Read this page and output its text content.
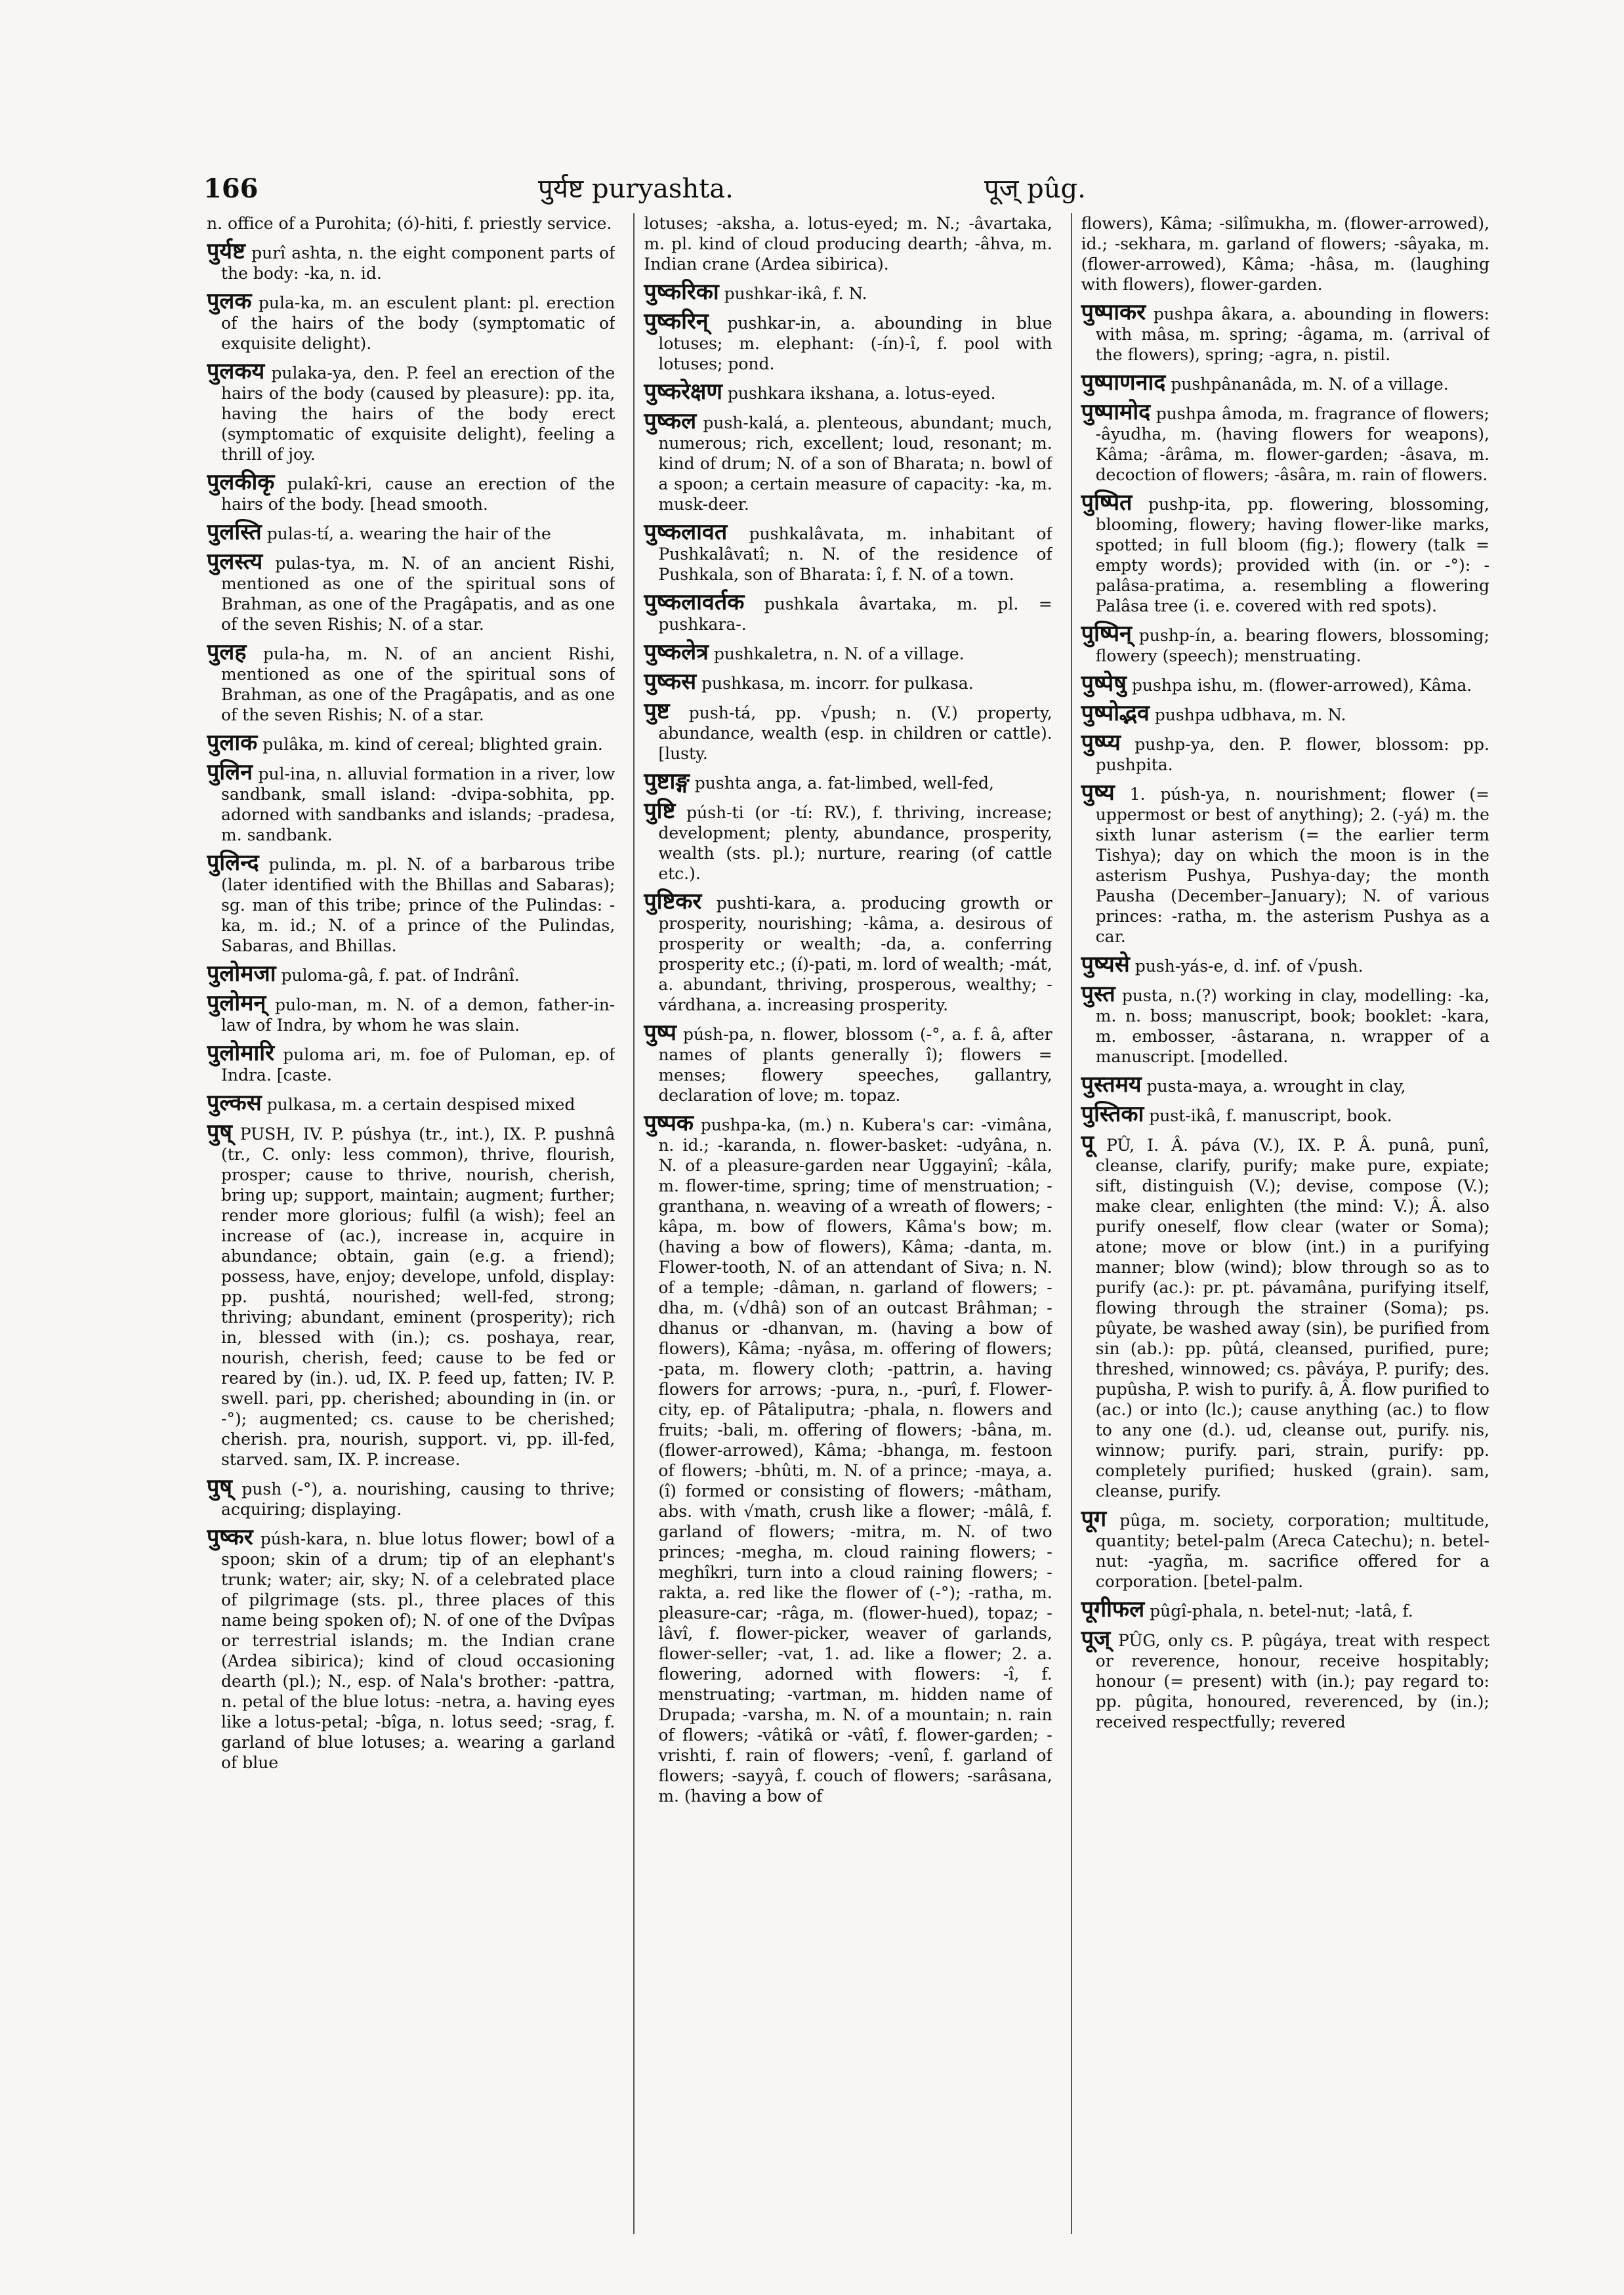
166	पुर्यष्ट puryashta.	पूज् pûg.
n. office of a Purohita; (ó)-hiti, f. priestly service.
पुर्यष्ट purî ashta, n. the eight component parts of the body: -ka, n. id.
पुलक pula-ka, m. an esculent plant: pl. erection of the hairs of the body (symptomatic of exquisite delight).
पुलकय pulaka-ya, den. P. feel an erection of the hairs of the body (caused by pleasure): pp. ita, having the hairs of the body erect (symptomatic of exquisite delight), feeling a thrill of joy.
पुलकीकृ pulakî-kri, cause an erection of the hairs of the body. [head smooth.
पुलस्ति pulas-tí, a. wearing the hair of the
पुलस्त्य pulas-tya, m. N. of an ancient Rishi, mentioned as one of the spiritual sons of Brahman, as one of the Pragâpatis, and as one of the seven Rishis; N. of a star.
पुलह pula-ha, m. N. of an ancient Rishi, mentioned as one of the spiritual sons of Brahman, as one of the Pragâpatis, and as one of the seven Rishis; N. of a star.
पुलाक pulâka, m. kind of cereal; blighted grain.
पुलिन pul-ina, n. alluvial formation in a river, low sandbank, small island: -dvipa-sobhita, pp. adorned with sandbanks and islands; -pradesa, m. sandbank.
पुलिन्द pulinda, m. pl. N. of a barbarous tribe (later identified with the Bhillas and Sabaras); sg. man of this tribe; prince of the Pulindas: -ka, m. id.; N. of a prince of the Pulindas, Sabaras, and Bhillas.
पुलोमजा puloma-gâ, f. pat. of Indrânî.
पुलोमन् pulo-man, m. N. of a demon, father-in-law of Indra, by whom he was slain.
पुलोमारि puloma ari, m. foe of Puloman, ep. of Indra. [caste.
पुल्कस pulkasa, m. a certain despised mixed
पुष् PUSH, IV. P. púshya (tr., int.), IX. P. pushnâ (tr., C. only: less common), thrive, flourish, prosper; cause to thrive, nourish, cherish, bring up; support, maintain; augment; further; render more glorious; fulfil (a wish); feel an increase of (ac.), increase in, acquire in abundance; obtain, gain (e.g. a friend); possess, have, enjoy; develope, unfold, display: pp. pushtá, nourished; well-fed, strong; thriving; abundant, eminent (prosperity); rich in, blessed with (in.); cs. poshaya, rear, nourish, cherish, feed; cause to be fed or reared by (in.). ud, IX. P. feed up, fatten; IV. P. swell. pari, pp. cherished; abounding in (in. or -°); augmented; cs. cause to be cherished; cherish. pra, nourish, support. vi, pp. ill-fed, starved. sam, IX. P. increase.
पुष् push (-°), a. nourishing, causing to thrive; acquiring; displaying.
पुष्कर púsh-kara, n. blue lotus flower; bowl of a spoon; skin of a drum; tip of an elephant's trunk; water; air, sky; N. of a celebrated place of pilgrimage (sts. pl., three places of this name being spoken of); N. of one of the Dvîpas or terrestrial islands; m. the Indian crane (Ardea sibirica); kind of cloud occasioning dearth (pl.); N., esp. of Nala's brother: -pattra, n. petal of the blue lotus: -netra, a. having eyes like a lotus-petal; -bîga, n. lotus seed; -srag, f. garland of blue lotuses; a. wearing a garland of blue
lotuses; -aksha, a. lotus-eyed; m. N.; -âvartaka, m. pl. kind of cloud producing dearth; -âhva, m. Indian crane (Ardea sibirica).
पुष्करिका pushkar-ikâ, f. N.
पुष्करिन् pushkar-in, a. abounding in blue lotuses; m. elephant: (-ín)-î, f. pool with lotuses; pond.
पुष्करेक्षण pushkara ikshana, a. lotus-eyed.
पुष्कल push-kalá, a. plenteous, abundant; much, numerous; rich, excellent; loud, resonant; m. kind of drum; N. of a son of Bharata; n. bowl of a spoon; a certain measure of capacity: -ka, m. musk-deer.
पुष्कलावत pushkalâvata, m. inhabitant of Pushkalâvatî; n. N. of the residence of Pushkala, son of Bharata: î, f. N. of a town.
पुष्कलावर्तक pushkala âvartaka, m. pl. = pushkara-.
पुष्कलेत्र pushkaletra, n. N. of a village.
पुष्कस pushkasa, m. incorr. for pulkasa.
पुष्ट push-tá, pp. √push; n. (V.) property, abundance, wealth (esp. in children or cattle). [lusty.
पुष्टाङ्ग pushta anga, a. fat-limbed, well-fed,
पुष्टि púsh-ti (or -tí: RV.), f. thriving, increase; development; plenty, abundance, prosperity, wealth (sts. pl.); nurture, rearing (of cattle etc.).
पुष्टिकर pushti-kara, a. producing growth or prosperity, nourishing; -kâma, a. desirous of prosperity or wealth; -da, a. conferring prosperity etc.; (í)-pati, m. lord of wealth; -mát, a. abundant, thriving, prosperous, wealthy; -várdhana, a. increasing prosperity.
पुष्प púsh-pa, n. flower, blossom (-°, a. f. â, after names of plants generally î); flowers = menses; flowery speeches, gallantry, declaration of love; m. topaz.
पुष्पक pushpa-ka, (m.) n. Kubera's car: -vimâna, n. id.; -karanda, n. flower-basket: -udyâna, n. N. of a pleasure-garden near Uggayinî; -kâla, m. flower-time, spring; time of menstruation; -granthana, n. weaving of a wreath of flowers; -kâpa, m. bow of flowers, Kâma's bow; m. (having a bow of flowers), Kâma; -danta, m. Flower-tooth, N. of an attendant of Siva; n. N. of a temple; -dâman, n. garland of flowers; -dha, m. (√dhâ) son of an outcast Brâhman; -dhanus or -dhanvan, m. (having a bow of flowers), Kâma; -nyâsa, m. offering of flowers; -pata, m. flowery cloth; -pattrin, a. having flowers for arrows; -pura, n., -purî, f. Flower-city, ep. of Pâtaliputra; -phala, n. flowers and fruits; -bali, m. offering of flowers; -bâna, m. (flower-arrowed), Kâma; -bhanga, m. festoon of flowers; -bhûti, m. N. of a prince; -maya, a. (î) formed or consisting of flowers; -mâtham, abs. with √math, crush like a flower; -mâlâ, f. garland of flowers; -mitra, m. N. of two princes; -megha, m. cloud raining flowers; -meghîkri, turn into a cloud raining flowers; -rakta, a. red like the flower of (-°); -ratha, m. pleasure-car; -râga, m. (flower-hued), topaz; -lâvî, f. flower-picker, weaver of garlands, flower-seller; -vat, 1. ad. like a flower; 2. a. flowering, adorned with flowers: -î, f. menstruating; -vartman, m. hidden name of Drupada; -varsha, m. N. of a mountain; n. rain of flowers; -vâtikâ or -vâtî, f. flower-garden; -vrishti, f. rain of flowers; -venî, f. garland of flowers; -sayyâ, f. couch of flowers; -sarâsana, m. (having a bow of
flowers), Kâma; -silîmukha, m. (flower-arrowed), id.; -sekhara, m. garland of flowers; -sâyaka, m. (flower-arrowed), Kâma; -hâsa, m. (laughing with flowers), flower-garden.
पुष्पाकर pushpa âkara, a. abounding in flowers: with mâsa, m. spring; -âgama, m. (arrival of the flowers), spring; -agra, n. pistil.
पुष्पाणनाद pushpânanâda, m. N. of a village.
पुष्पामोद pushpa âmoda, m. fragrance of flowers; -âyudha, m. (having flowers for weapons), Kâma; -ârâma, m. flower-garden; -âsava, m. decoction of flowers; -âsâra, m. rain of flowers.
पुष्पित pushp-ita, pp. flowering, blossoming, blooming, flowery; having flower-like marks, spotted; in full bloom (fig.); flowery (talk = empty words); provided with (in. or -°): -palâsa-pratima, a. resembling a flowering Palâsa tree (i. e. covered with red spots).
पुष्पिन् pushp-ín, a. bearing flowers, blossoming; flowery (speech); menstruating.
पुष्पेषु pushpa ishu, m. (flower-arrowed), Kâma.
पुष्पोद्भव pushpa udbhava, m. N.
पुष्प्य pushp-ya, den. P. flower, blossom: pp. pushpita.
पुष्य 1. púsh-ya, n. nourishment; flower (= uppermost or best of anything); 2. (-yá) m. the sixth lunar asterism (= the earlier term Tishya); day on which the moon is in the asterism Pushya, Pushya-day; the month Pausha (December–January); N. of various princes: -ratha, m. the asterism Pushya as a car.
पुष्यसे push-yás-e, d. inf. of √push.
पुस्त pusta, n.(?) working in clay, modelling: -ka, m. n. boss; manuscript, book; booklet: -kara, m. embosser, -âstarana, n. wrapper of a manuscript. [modelled.
पुस्तमय pusta-maya, a. wrought in clay,
पुस्तिका pust-ikâ, f. manuscript, book.
पू PÛ, I. Â. páva (V.), IX. P. Â. punâ, punî, cleanse, clarify, purify; make pure, expiate; sift, distinguish (V.); devise, compose (V.); make clear, enlighten (the mind: V.); Â. also purify oneself, flow clear (water or Soma); atone; move or blow (int.) in a purifying manner; blow (wind); blow through so as to purify (ac.): pr. pt. pávamâna, purifying itself, flowing through the strainer (Soma); ps. pûyate, be washed away (sin), be purified from sin (ab.): pp. pûtá, cleansed, purified, pure; threshed, winnowed; cs. pâváya, P. purify; des. pupûsha, P. wish to purify. â, Â. flow purified to (ac.) or into (lc.); cause anything (ac.) to flow to any one (d.). ud, cleanse out, purify. nis, winnow; purify. pari, strain, purify: pp. completely purified; husked (grain). sam, cleanse, purify.
पूग pûga, m. society, corporation; multitude, quantity; betel-palm (Areca Catechu); n. betel-nut: -yagña, m. sacrifice offered for a corporation. [betel-palm.
पूगीफल pûgî-phala, n. betel-nut; -latâ, f.
पूज् PÛG, only cs. P. pûgáya, treat with respect or reverence, honour, receive hospitably; honour (= present) with (in.); pay regard to: pp. pûgita, honoured, reverenced, by (in.); received respectfully; revered
